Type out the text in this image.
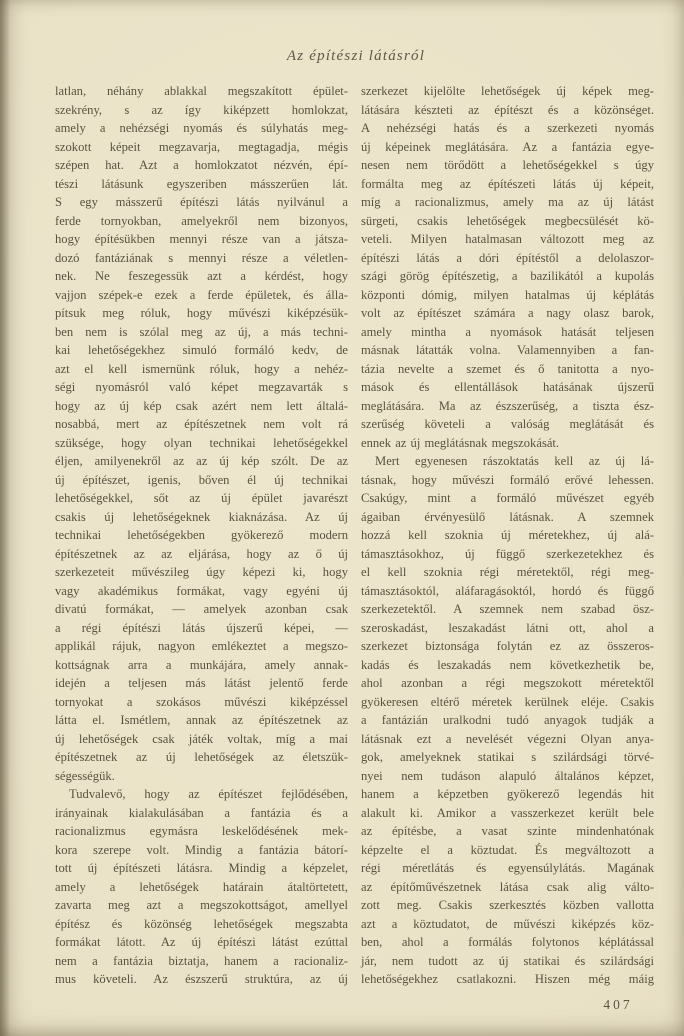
Az építészi látásról
latlan, néhány ablakkal megszakított épület-
szekrény, s az így kiképzett homlokzat,
amely a nehézségi nyomás és súlyhatás meg-
szokott képeit megzavarja, megtagadja, mégis
szépen hat. Azt a homlokzatot nézvén, épí-
tészi látásunk egyszeriben másszerűen lát.
S egy másszerű építészi látás nyilvánul a
ferde tornyokban, amelyekről nem bizonyos,
hogy építésükben mennyi része van a játsza-
dozó fantáziának s mennyi része a véletlen-
nek. Ne feszegessük azt a kérdést, hogy
vajjon szépek-e ezek a ferde épületek, és álla-
pítsuk meg róluk, hogy művészi kiképzésük-
ben nem is szólal meg az új, a más techni-
kai lehetőségekhez simuló formáló kedv, de
azt el kell ismernünk róluk, hogy a nehéz-
ségi nyomásról való képet megzavarták s
hogy az új kép csak azért nem lett általá-
nosabbá, mert az építészetnek nem volt rá
szüksége, hogy olyan technikai lehetőségekkel
éljen, amilyenekről az az új kép szólt. De az
új építészet, igenis, bőven él új technikai
lehetőségekkel, sőt az új épület javarészt
csakis új lehetőségeknek kiaknázása. Az új
technikai lehetőségekben gyökerező modern
építészetnek az az eljárása, hogy az ő új
szerkezeteit művészileg úgy képezi ki, hogy
vagy akadémikus formákat, vagy egyéni új
divatú formákat, — amelyek azonban csak
a régi építészi látás újszerű képei, —
applikál rájuk, nagyon emlékeztet a megszo-
kottságnak arra a munkájára, amely annak-
idején a teljesen más látást jelentő ferde
tornyokat a szokásos művészi kiképzéssel
látta el. Ismétlem, annak az építészetnek az
új lehetőségek csak játék voltak, míg a mai
építészetnek az új lehetőségek az életszük-
ségességük.
Tudvalevő, hogy az építészet fejlődésében,
irányainak kialakulásában a fantázia és a
racionalizmus egymásra leskelődésének mek-
kora szerepe volt. Mindig a fantázia bátorí-
tott új építészeti látásra. Mindig a képzelet,
amely a lehetőségek határain átaltörtetett,
zavarta meg azt a megszokottságot, amellyel
építész és közönség lehetőségek megszabta
formákat látott. Az új építészi látást ezúttal
nem a fantázia biztatja, hanem a racionaliz-
mus követeli. Az észszerű struktúra, az új
szerkezet kijelölte lehetőségek új képek meg-
látására készteti az építészt és a közönséget.
A nehézségi hatás és a szerkezeti nyomás
új képeinek meglátására. Az a fantázia egye-
nesen nem törődött a lehetőségekkel s úgy
formálta meg az építészeti látás új képeit,
míg a racionalizmus, amely ma az új látást
sürgeti, csakis lehetőségek megbecsülését kö-
veteli. Milyen hatalmasan változott meg az
építészi látás a dóri építéstől a delolaszor-
szági görög építészetig, a bazilikától a kupolás
központi dómig, milyen hatalmas új képlátás
volt az építészet számára a nagy olasz barok,
amely mintha a nyomások hatását teljesen
másnak látatták volna. Valamennyiben a fan-
tázia nevelte a szemet és ő tanitotta a nyo-
mások és ellentállások hatásának újszerű
meglátására. Ma az észszerűség, a tiszta ész-
szerűség követeli a valóság meglátását és
ennek az új meglátásnak megszokását.
Mert egyenesen rászoktatás kell az új lá-
tásnak, hogy művészi formáló erővé lehessen.
Csakúgy, mint a formáló művészet egyéb
ágaiban érvényesülő látásnak. A szemnek
hozzá kell szoknia új méretekhez, új alá-
támasztásokhoz, új függő szerkezetekhez és
el kell szoknia régi méretektől, régi meg-
támasztásoktól, aláfaragásoktól, hordó és függő
szerkezetektől. A szemnek nem szabad ösz-
szeroskadást, leszakadást látni ott, ahol a
szerkezet biztonsága folytán ez az összeros-
kadás és leszakadás nem következhetik be,
ahol azonban a régi megszokott méretektől
gyökeresen eltérő méretek kerülnek eléje. Csakis
a fantázián uralkodni tudó anyagok tudják a
látásnak ezt a nevelését végezni Olyan anya-
gok, amelyeknek statikai s szilárdsági törvé-
nyei nem tudáson alapuló általános képzet,
hanem a képzetben gyökerező legendás hit
alakult ki. Amikor a vasszerkezet került bele
az építésbe, a vasat szinte mindenhatónak
képzelte el a köztudat. És megváltozott a
régi méretlátás és egyensúlylátás. Magának
az építőművészetnek látása csak alig válto-
zott meg. Csakis szerkesztés közben vallotta
azt a köztudatot, de művészi kiképzés köz-
ben, ahol a formálás folytonos képlátással
jár, nem tudott az új statikai és szilárdsági
lehetőségekhez csatlakozni. Hiszen még máig
407
